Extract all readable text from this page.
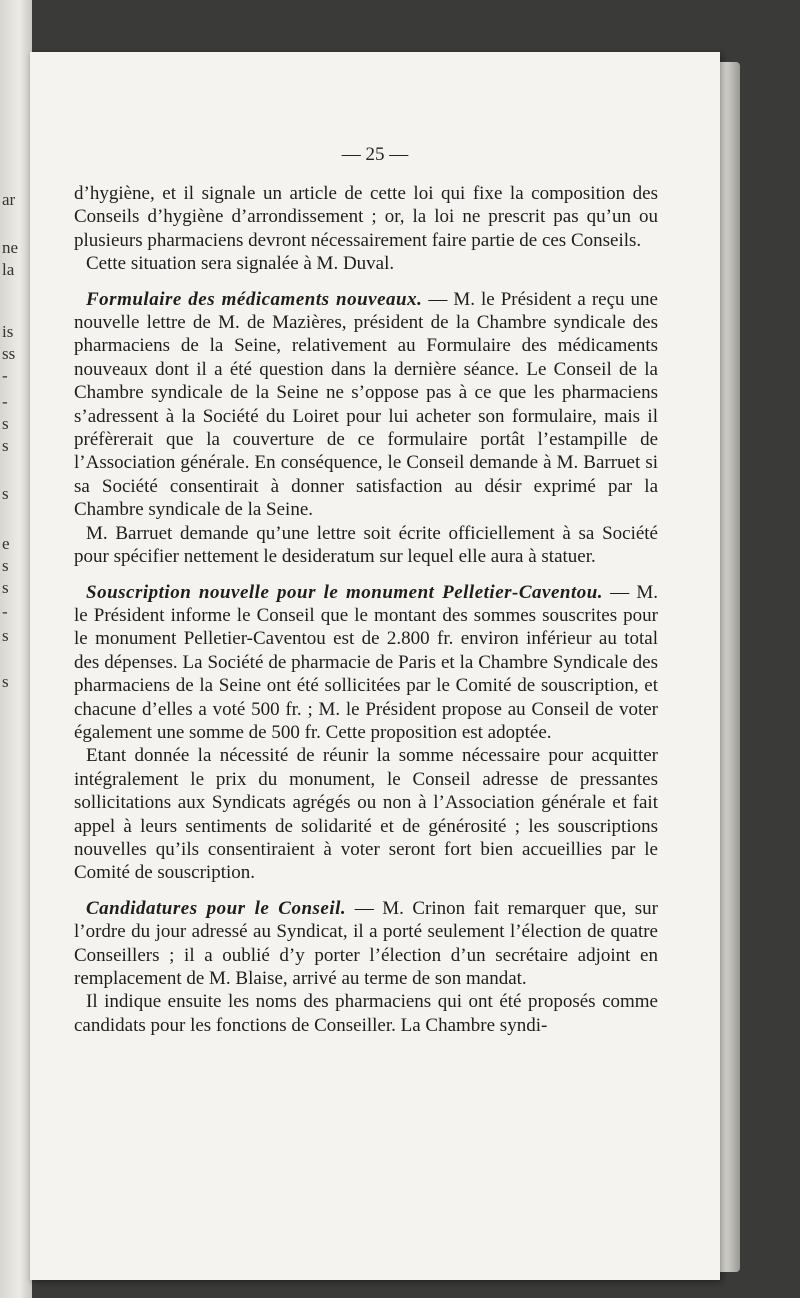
ar
ne
la
is
ss
-
-
s
s
s
e
s
s
-
s
s
— 25 —

d’hygiène, et il signale un article de cette loi qui fixe la composition des Conseils d’hygiène d’arrondissement ; or, la loi ne prescrit pas qu’un ou plusieurs pharmaciens devront nécessairement faire partie de ces Conseils.

Cette situation sera signalée à M. Duval.

Formulaire des médicaments nouveaux. — M. le Président a reçu une nouvelle lettre de M. de Mazières, président de la Chambre syndicale des pharmaciens de la Seine, relativement au Formulaire des médicaments nouveaux dont il a été question dans la dernière séance. Le Conseil de la Chambre syndicale de la Seine ne s’oppose pas à ce que les pharmaciens s’adressent à la Société du Loiret pour lui acheter son formulaire, mais il préfèrerait que la couverture de ce formulaire portât l’estampille de l’Association générale. En conséquence, le Conseil demande à M. Barruet si sa Société consentirait à donner satisfaction au désir exprimé par la Chambre syndicale de la Seine.

M. Barruet demande qu’une lettre soit écrite officiellement à sa Société pour spécifier nettement le desideratum sur lequel elle aura à statuer.

Souscription nouvelle pour le monument Pelletier-Caventou. — M. le Président informe le Conseil que le montant des sommes souscrites pour le monument Pelletier-Caventou est de 2.800 fr. environ inférieur au total des dépenses. La Société de pharmacie de Paris et la Chambre Syndicale des pharmaciens de la Seine ont été sollicitées par le Comité de souscription, et chacune d’elles a voté 500 fr. ; M. le Président propose au Conseil de voter également une somme de 500 fr. Cette proposition est adoptée.

Etant donnée la nécessité de réunir la somme nécessaire pour acquitter intégralement le prix du monument, le Conseil adresse de pressantes sollicitations aux Syndicats agrégés ou non à l’Association générale et fait appel à leurs sentiments de solidarité et de générosité ; les souscriptions nouvelles qu’ils consentiraient à voter seront fort bien accueillies par le Comité de souscription.

Candidatures pour le Conseil. — M. Crinon fait remarquer que, sur l’ordre du jour adressé au Syndicat, il a porté seulement l’élection de quatre Conseillers ; il a oublié d’y porter l’élection d’un secrétaire adjoint en remplacement de M. Blaise, arrivé au terme de son mandat.

Il indique ensuite les noms des pharmaciens qui ont été proposés comme candidats pour les fonctions de Conseiller. La Chambre syndi-
